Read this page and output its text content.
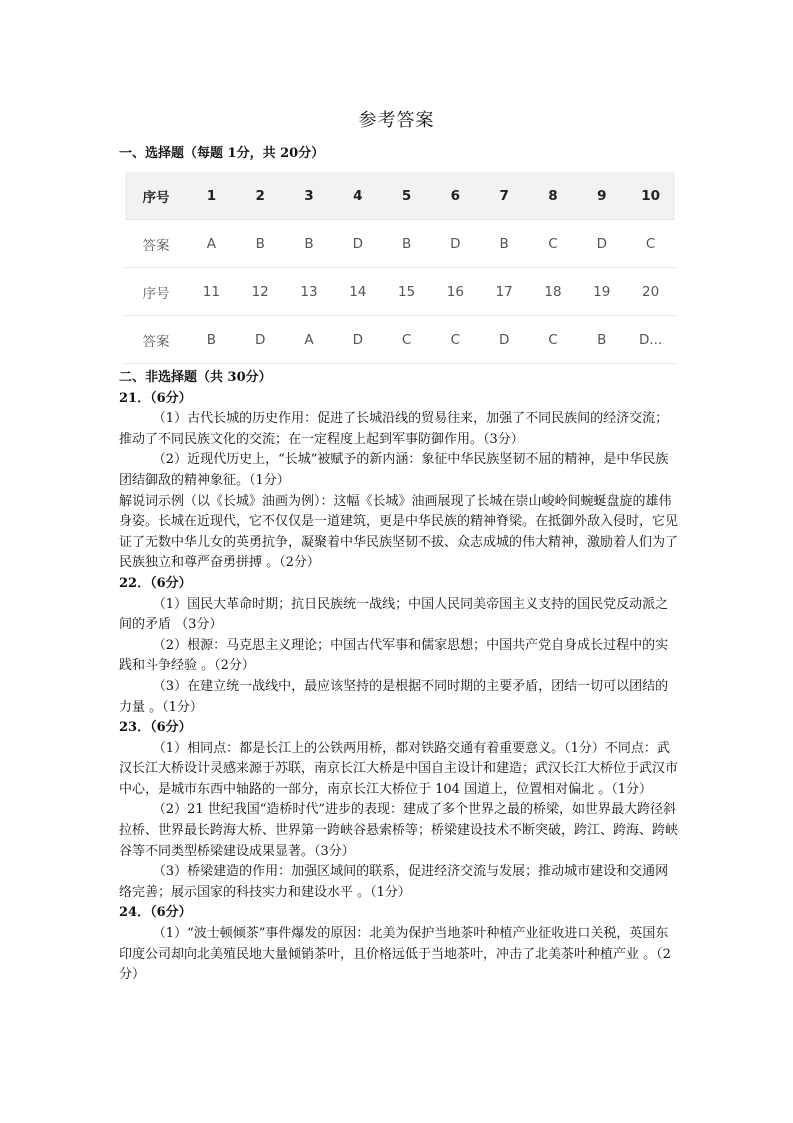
参考答案
一、选择题（每题 1分，共 20分）
序号	1	2	3	4	5	6	7	8	9	10
答案	A	B	B	D	B	D	B	C	D	C
序号	11	12	13	14	15	16	17	18	19	20
答案	B	D	A	D	C	C	D	C	B	D...

二、非选择题（共 30分）

21．（6分）

（1）古代长城的历史作用：促进了长城沿线的贸易往来，加强了不同民族间的经济交流；推动了不同民族文化的交流；在一定程度上起到军事防御作用。（3分）

（2）近现代历史上，“长城”被赋予的新内涵：象征中华民族坚韧不屈的精神，是中华民族团结御敌的精神象征。（1分）

解说词示例（以《长城》油画为例）：这幅《长城》油画展现了长城在崇山峻岭间蜿蜒盘旋的雄伟身姿。长城在近现代，它不仅仅是一道建筑，更是中华民族的精神脊梁。在抵御外敌入侵时，它见证了无数中华儿女的英勇抗争，凝聚着中华民族坚韧不拔、众志成城的伟大精神，激励着人们为了民族独立和尊严奋勇拼搏 。（2分）

22．（6分）

（1）国民大革命时期；抗日民族统一战线；中国人民同美帝国主义支持的国民党反动派之间的矛盾 （3分）

（2）根源：马克思主义理论；中国古代军事和儒家思想；中国共产党自身成长过程中的实践和斗争经验 。（2分）

（3）在建立统一战线中，最应该坚持的是根据不同时期的主要矛盾，团结一切可以团结的力量 。（1分）

23．（6分）

（1）相同点：都是长江上的公铁两用桥，都对铁路交通有着重要意义。（1分）不同点：武汉长江大桥设计灵感来源于苏联，南京长江大桥是中国自主设计和建造；武汉长江大桥位于武汉市中心，是城市东西中轴路的一部分，南京长江大桥位于 104 国道上，位置相对偏北 。（1分）

（2）21 世纪我国“造桥时代”进步的表现：建成了多个世界之最的桥梁，如世界最大跨径斜拉桥、世界最长跨海大桥、世界第一跨峡谷悬索桥等；桥梁建设技术不断突破，跨江、跨海、跨峡谷等不同类型桥梁建设成果显著。（3分）

（3）桥梁建造的作用：加强区域间的联系，促进经济交流与发展；推动城市建设和交通网络完善；展示国家的科技实力和建设水平 。（1分）

24．（6分）

（1）“波士顿倾茶”事件爆发的原因：北美为保护当地茶叶种植产业征收进口关税，英国东印度公司却向北美殖民地大量倾销茶叶，且价格远低于当地茶叶，冲击了北美茶叶种植产业 。（2分）
